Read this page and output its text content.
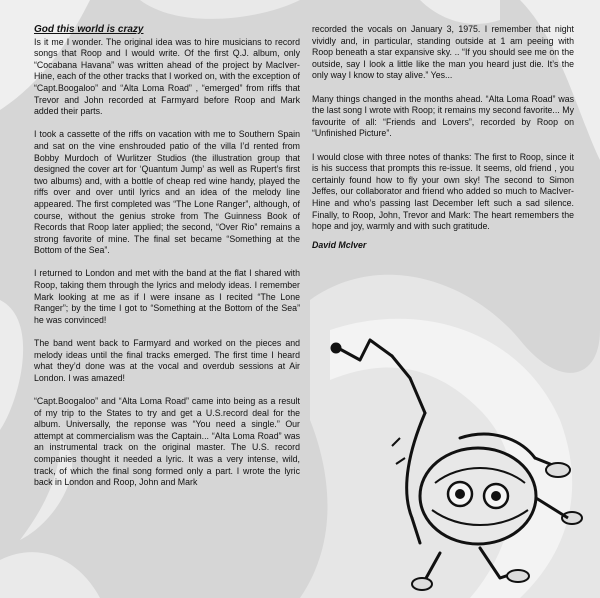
God this world is crazy

Is it me I wonder. The original idea was to hire musicians to record songs that Roop and I would write. Of the first Q.J. album, only “Cocabana Havana” was written ahead of the project by MacIver-Hine, each of the other tracks that I worked on, with the exception of “Capt.Boogaloo” and “Alta Loma Road” , “emerged” from riffs that Trevor and John recorded at Farmyard before Roop and Mark added their parts.

I took a cassette of the riffs on vacation with me to Southern Spain and sat on the vine enshrouded patio of the villa I’d rented from Bobby Murdoch of Wurlitzer Studios (the illustration group that designed the cover art for ‘Quantum Jump’ as well as Rupert’s first two albums) and, with a bottle of cheap red wine handy, played the riffs over and over until lyrics and an idea of the melody line appeared. The first completed was “The Lone Ranger”, although, of course, without the genius stroke from The Guinness Book of Records that Roop later applied; the second, “Over Rio” remains a strong favorite of mine. The final set became “Something at the Bottom of the Sea”.

I returned to London and met with the band at the flat I shared with Roop, taking them through the lyrics and melody ideas. I remember Mark looking at me as if I were insane as I recited “The Lone Ranger”; by the time I got to “Something at the Bottom of the Sea” he was convinced!

The band went back to Farmyard and worked on the pieces and melody ideas until the final tracks emerged. The first time I heard what they’d done was at the vocal and overdub sessions at Air London. I was amazed!

“Capt.Boogaloo” and “Alta Loma Road” came into being as a result of my trip to the States to try and get a U.S.record deal for the album. Universally, the reponse was “You need a single.” Our attempt at commercialism was the Captain... “Alta Loma Road” was an instrumental track on the original master. The U.S. record companies thought it needed a lyric. It was a very intense, wild, track, of which the final song formed only a part. I wrote the lyric back in London and Roop, John and Mark

recorded the vocals on January 3, 1975. I remember that night vividly and, in particular, standing outside at 1 am peeing with Roop beneath a star expansive sky. .. “If you should see me on the outside, say I look a little like the man you heard just die. It’s the only way I know to stay alive.” Yes...

Many things changed in the months ahead. “Alta Loma Road” was the last song I wrote with Roop; it remains my second favorite... My favourite of all: “Friends and Lovers”, recorded by Roop on “Unfinished Picture”.

I would close with three notes of thanks: The first to Roop, since it is his success that prompts this re-issue. It seems, old friend , you certainly found how to fly your own sky! The second to Simon Jeffes, our collaborator and friend who added so much to MacIver-Hine and who’s passing last December left such a sad silence. Finally, to Roop, John, Trevor and Mark: The heart remembers the hope and joy, warmly and with such gratitude.

David McIver
